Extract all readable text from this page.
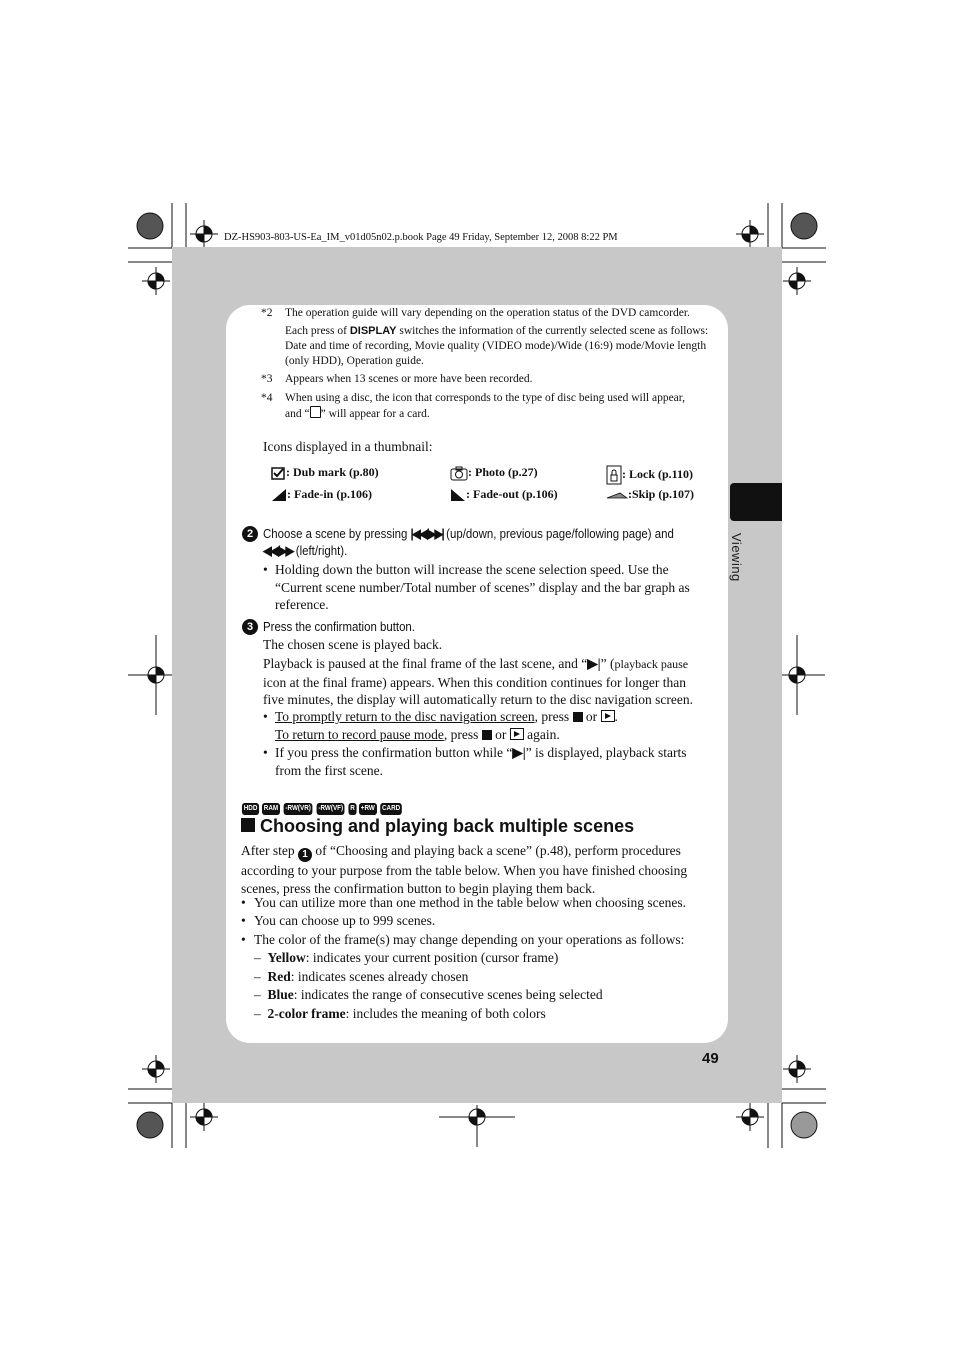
DZ-HS903-803-US-Ea_IM_v01d05n02.p.book Page 49 Friday, September 12, 2008 8:22 PM
Viewing
49
*2 The operation guide will vary depending on the operation status of the DVD camcorder.
Each press of DISPLAY switches the information of the currently selected scene as follows:
Date and time of recording, Movie quality (VIDEO mode)/Wide (16:9) mode/Movie length
(only HDD), Operation guide.
*3 Appears when 13 scenes or more have been recorded.
*4 When using a disc, the icon that corresponds to the type of disc being used will appear,
and “ ” will appear for a card.
Icons displayed in a thumbnail:
: Dub mark (p.80)	: Photo (p.27)	: Lock (p.110)
: Fade-in (p.106)	: Fade-out (p.106)	:Skip (p.107)
2 Choose a scene by pressing |◀◀/▶▶| (up/down, previous page/following page) and
◀◀/▶▶ (left/right).
• Holding down the button will increase the scene selection speed. Use the
“Current scene number/Total number of scenes” display and the bar graph as
reference.
3 Press the confirmation button.
The chosen scene is played back.
Playback is paused at the final frame of the last scene, and “▶|” (playback pause
icon at the final frame) appears. When this condition continues for longer than
five minutes, the display will automatically return to the disc navigation screen.
• To promptly return to the disc navigation screen, press or .
To return to record pause mode, press or again.
• If you press the confirmation button while “▶|” is displayed, playback starts
from the first scene.
HDD RAM -RW(VR) -RW(VF) R +RW CARD
Choosing and playing back multiple scenes
After step 1 of “Choosing and playing back a scene” (p.48), perform procedures
according to your purpose from the table below. When you have finished choosing
scenes, press the confirmation button to begin playing them back.
• You can utilize more than one method in the table below when choosing scenes.
• You can choose up to 999 scenes.
• The color of the frame(s) may change depending on your operations as follows:
–  Yellow: indicates your current position (cursor frame)
–  Red: indicates scenes already chosen
–  Blue: indicates the range of consecutive scenes being selected
–  2-color frame: includes the meaning of both colors
